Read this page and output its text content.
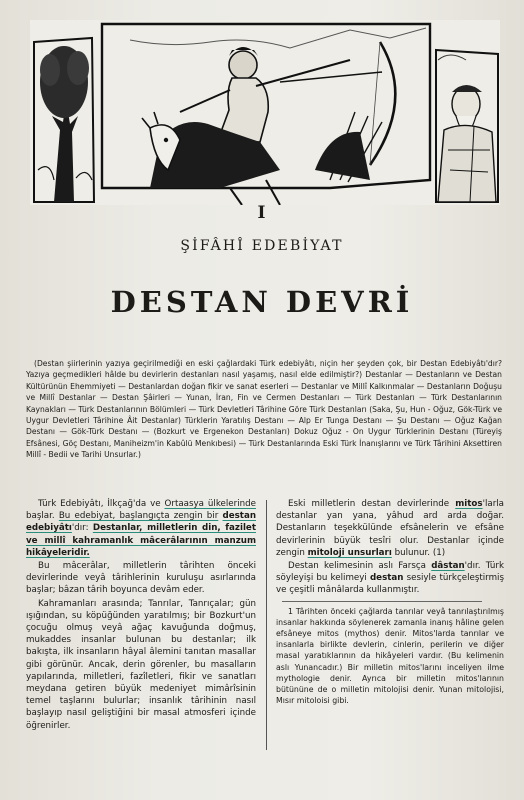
I
ŞİFÂHÎ EDEBİYAT
DESTAN DEVRİ

(Destan şiirlerinin yazıya geçirilmediği en eski çağlardaki Türk edebiyâtı, niçin her şeyden çok, bir Destan Edebiyâtı'dır? Yazıya geçmedikleri hâlde bu devirlerin destanları nasıl yaşamış, nasıl elde edilmiştir?) Destanlar — Destanların ve Destan Kültürünün Ehemmiyeti — Destanlardan doğan fikir ve sanat eserleri — Destanlar ve Millî Kalkınmalar — Destanların Doğuşu ve Millî Destanlar — Destan Şâirleri — Yunan, İran, Fin ve Cermen Destanları — Türk Destanları — Türk Destanlarının Kaynakları — Türk Destanlarının Bölümleri — Türk Devletleri Târihine Göre Türk Destanları (Saka, Şu, Hun - Oğuz, Gök-Türk ve Uygur Devletleri Târihine Âit Destanlar) Türklerin Yaratılış Destanı — Alp Er Tunga Destanı — Şu Destanı — Oğuz Kağan Destanı — Gök-Türk Destanı — (Bozkurt ve Ergenekon Destanları) Dokuz Oğuz - On Uygur Türklerinin Destanı (Türeyiş Efsânesi, Göç Destanı, Manihei̇zm'in Kabûlü Menkıbesi) — Türk Destanlarında Eski Türk İnanışlarını ve Türk Târihini Aksettiren Millî - Bedii ve Tarihi Unsurlar.)

Türk Edebiyâtı, İlkçağ'da ve Ortaasya ülkelerinde başlar. Bu edebiyat, başlangıçta zengin bir destan edebiyâtı'dır: Destanlar, milletlerin din, fazilet ve millî kahramanlık mâcerâlarının manzum hikâyeleridir.

Bu mâcerâlar, milletlerin târihten önceki devirlerinde veyâ târihlerinin kuruluşu asırlarında başlar; bâzan târih boyunca devâm eder.

Kahramanları arasında; Tanrılar, Tanrıçalar; gün ışığından, su köpüğünden yaratılmış; bir Bozkurt'un çocuğu olmuş veyâ ağaç kavuğunda doğmuş, mukaddes insanlar bulunan bu destanlar; ilk bakışta, ilk insanların hâyal âlemini tanıtan masallar gibi görünür. Ancak, derin görenler, bu masalların yapılarında, milletleri, fazîletleri, fikir ve sanatları meydana getiren büyük medeniyet mimârîsinin temel taşlarını bulurlar; insanlık târihinin nasıl başlayıp nasıl geliştiğini bir masal atmosferi içinde öğrenirler.

Eski milletlerin destan devirlerinde mitos'larla destanlar yan yana, yâhud ard arda doğar. Destanların teşekkülünde efsânelerin ve efsâne devirlerinin büyük tesîri olur. Destanlar içinde zengin mitoloji unsurları bulunur. (1)

Destan kelimesinin aslı Farsça dâstan'dır. Türk söyleyişi bu kelimeyi destan sesiyle türkçeleştirmiş ve çeşitli mânâlarda kullanmıştır.

1 Târihten önceki çağlarda tanrılar veyâ tanrılaştırılmış insanlar hakkında söylenerek zamanla inanış hâline gelen efsâneye mitos (mythos) denir. Mitos'larda tanrılar ve insanlarla birlikte devlerin, cinlerin, perilerin ve diğer masal yaratıklarının da hikâyeleri vardır. (Bu kelimenin aslı Yunancadır.) Bir milletin mitos'larını inceliyen ilme mythologie denir. Ayrıca bir milletin mitos'larının bütününe de o milletin mitolojisi denir. Yunan mitolojisi, Mısır mitoloisi gibi.
